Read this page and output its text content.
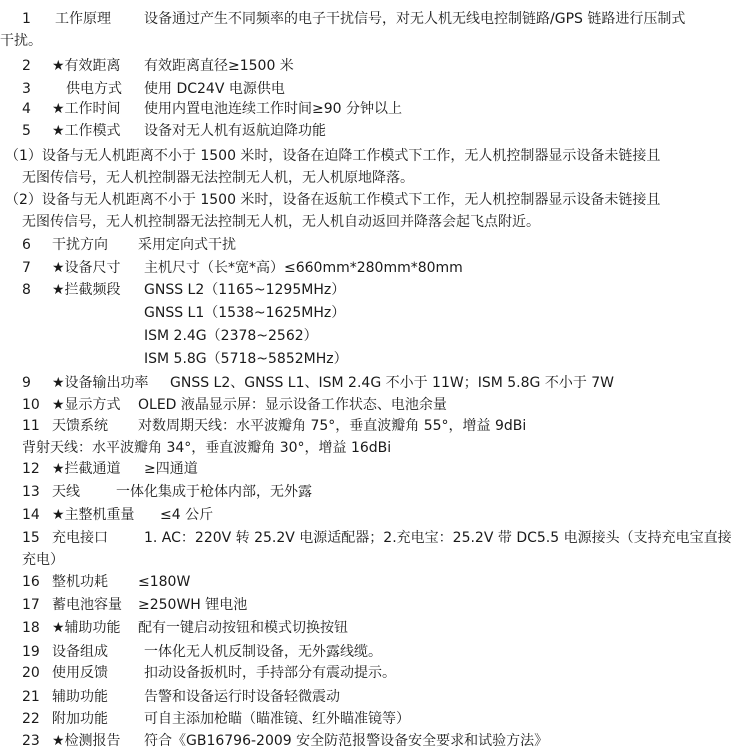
1 工作原理 设备通过产生不同频率的电子干扰信号，对无人机无线电控制链路/GPS 链路进行压制式
干扰。
2 ★有效距离 有效距离直径≥1500 米
3	供电方式 使用 DC24V 电源供电
4 ★工作时间 使用内置电池连续工作时间≥90 分钟以上
5 ★工作模式 设备对无人机有返航迫降功能
（1）设备与无人机距离不小于 1500 米时，设备在迫降工作模式下工作，无人机控制器显示设备未链接且
无图传信号，无人机控制器无法控制无人机，无人机原地降落。
（2）设备与无人机距离不小于 1500 米时，设备在返航工作模式下工作，无人机控制器显示设备未链接且
无图传信号，无人机控制器无法控制无人机，无人机自动返回并降落会起飞点附近。
6 干扰方向 采用定向式干扰
7 ★设备尺寸 主机尺寸（长*宽*高）≤660mm*280mm*80mm
8 ★拦截频段 GNSS L2（1165~1295MHz）
GNSS L1（1538~1625MHz）
ISM 2.4G（2378~2562）
ISM 5.8G（5718~5852MHz）
9 ★设备输出功率 GNSS L2、GNSS L1、ISM 2.4G 不小于 11W；ISM 5.8G 不小于 7W
10 ★显示方式 OLED 液晶显示屏：显示设备工作状态、电池余量
11 天馈系统 对数周期天线：水平波瓣角 75°，垂直波瓣角 55°，增益 9dBi
背射天线：水平波瓣角 34°，垂直波瓣角 30°，增益 16dBi
12 ★拦截通道 ≥四通道
13 天线	一体化集成于枪体内部，无外露
14 ★主整机重量 ≤4 公斤
15 充电接口	1. AC：220V 转 25.2V 电源适配器；2.充电宝：25.2V 带 DC5.5 电源接头（支持充电宝直接
充电）
16 整机功耗 ≤180W
17 蓄电池容量 ≥250WH 锂电池
18 ★辅助功能 配有一键启动按钮和模式切换按钮
19 设备组成	一体化无人机反制设备，无外露线缆。
20 使用反馈	扣动设备扳机时，手持部分有震动提示。
21 辅助功能	告警和设备运行时设备轻微震动
22 附加功能	可自主添加枪瞄（瞄准镜、红外瞄准镜等）
23 ★检测报告 符合《GB16796-2009 安全防范报警设备安全要求和试验方法》
